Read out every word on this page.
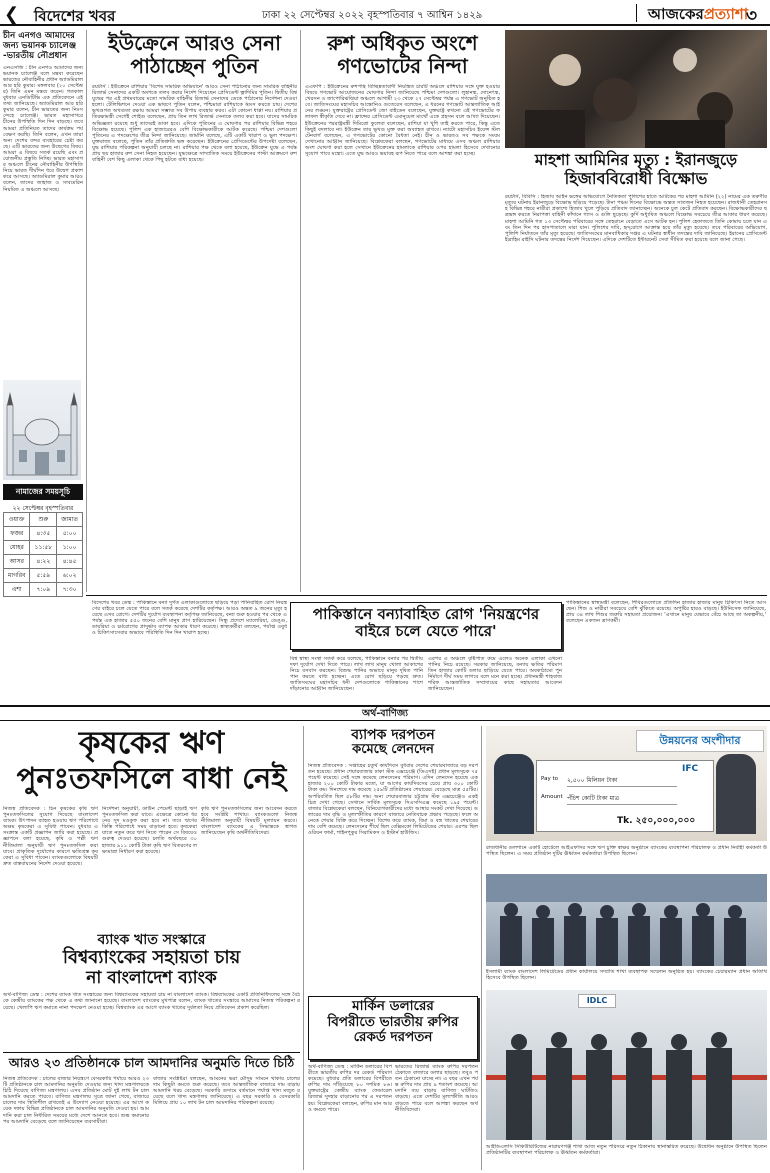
❮ বিদেশের খবর	ঢাকা ২২ সেপ্টেম্বর ২০২২ বৃহস্পতিবার ৭ আশ্বিন ১৪২৯	আজকেরপ্রত্যাশা
৩
চীন এনগও আমাদের জন্য ভয়ানক চ্যালেঞ্জ -ভারতীয় নৌপ্রধান
এনএসজি : চীন এনগও আমাদের জন্য ভয়ানক চ্যালেঞ্জ বলে মন্তব্য করেছেন ভারতের নৌবাহিনীর প্রধান অ্যাডমিরাল আর হরি কুমার। মঙ্গলবার (২০ সেপ্টেম্বর) তিনি এমন মন্তব্য করেন। গতকাল বুধবার এনডিটিভি এক প্রতিবেদনে এই তথ্য জানিয়েছে। অ্যাডমিরাল আর হরি কুমার বলেন, চীন ভারতের জন্য নিঃসন্দেহে চ্যালেঞ্জ। ভারত মহাসাগরে চীনের উপস্থিতি দিন দিন বাড়ছে। তবে আমরা প্রতিনিয়ত তাদের কার্যক্রম পর্যবেক্ষণ করছি। তিনি বলেন, এখন তারা অন্য দেশের বন্দর ব্যবহারের চেষ্টা করছে। এটি ভারতের জন্য উদ্বেগের বিষয়। আমরা এ বিষয়ে সতর্ক রয়েছি এবং প্রয়োজনীয় প্রস্তুতি নিচ্ছি। ভারত মহাসাগর অঞ্চলে চীনের নৌবাহিনীর উপস্থিতি নিয়ে ভারত দীর্ঘদিন ধরে উদ্বেগ প্রকাশ করে আসছে। অ্যাডমিরাল কুমার আরও বলেন, তাদের জাহাজ ও সাবমেরিন নিয়মিত এ অঞ্চলে আসছে।
নামাজের সময়সূচি
২২ সেপ্টেম্বর বৃহস্পতিবার
ওয়াক্ত	শুরু	জামাত
ফজর	৪:৩৫	৫:০০
যোহর	১১:৫৮	১:০০
আসর	৪:২২	৪:৪৫
মাগরিব	৫:৫৯	৬:০২
এশা	৭:০৯	৭:৩০
ইউক্রেনে আরও সেনা
পাঠাচ্ছেন পুতিন
রয়টার্স : ইউক্রেনে রাশিয়ার 'বিশেষ সামরিক অভিযানে' আরও সেনা পাঠানোর জন্য সামরিক বাহিনীর রিজার্ভ সেনাদের একটি অংশকে তলব করার নির্দেশ দিয়েছেন প্রেসিডেন্ট ভ্লাদিমির পুতিন। দ্বিতীয় বিশ্বযুদ্ধের পর এই প্রথমবারের মতো সামরিক বাহিনীর রিজার্ভ সেনাদের ডেকে পাঠানোর নির্দেশনা দেওয়া হলো। টেলিভিশনে দেওয়া এক ভাষণে পুতিন বলেন, পশ্চিমারা রাশিয়াকে ধ্বংস করতে চায়। দেশের ভূখণ্ডগত অখণ্ডতা রক্ষায় আমরা সম্ভাব্য সব উপায় ব্যবহার করব। এটা কোনো ধাপ্পা নয়। রাশিয়ার প্রতিরক্ষামন্ত্রী সের্গেই শোইগু বলেছেন, প্রায় তিন লাখ রিজার্ভ সেনাকে তলব করা হবে। যাদের সামরিক অভিজ্ঞতা রয়েছে শুধু তাদেরই ডাকা হবে। এদিকে পুতিনের এ ঘোষণার পর রাশিয়ার বিভিন্ন শহরে বিক্ষোভ হয়েছে। পুলিশ এক হাজারেরও বেশি বিক্ষোভকারীকে আটক করেছে। পশ্চিমা দেশগুলো পুতিনের এ পদক্ষেপের তীব্র নিন্দা জানিয়েছে। জার্মানি বলেছে, এটি একটি খারাপ ও ভুল পদক্ষেপ। যুক্তরাজ্য বলেছে, পুতিন তাঁর প্রতিশ্রুতি ভঙ্গ করেছেন। ইউক্রেনের প্রেসিডেন্টের উপদেষ্টা বলেছেন, যুদ্ধ রাশিয়ার পরিকল্পনা অনুযায়ী চলছে না। রাশিয়ার পক্ষ থেকে বলা হয়েছে, ইউক্রেন যুদ্ধে এ পর্যন্ত প্রায় ছয় হাজার রুশ সেনা নিহত হয়েছেন। যুদ্ধক্ষেত্রে সাম্প্রতিক সময়ে ইউক্রেনের পাল্টা আক্রমণে রুশ বাহিনী বেশ কিছু এলাকা থেকে পিছু হটতে বাধ্য হয়েছে।
রুশ অধিকৃত অংশে
গণভোটের নিন্দা
এএফপি : ইউক্রেনের রুশপন্থি বিচ্ছিন্নতাবাদী নিয়ন্ত্রিত চারটি অঞ্চলে রাশিয়ার সঙ্গে যুক্ত হওয়ার বিষয়ে গণভোট আয়োজনের ঘোষণার নিন্দা জানিয়েছে পশ্চিমা দেশগুলো। লুহানস্ক, দোনেৎস্ক, খেরসন ও জাপোরিঝঝিয়া অঞ্চলে আগামী ২৩ থেকে ২৭ সেপ্টেম্বর পর্যন্ত এ গণভোট অনুষ্ঠিত হবে। জাতিসংঘের মহাসচিব আন্তোনিও গুতেরেস বলেছেন, এ ধরনের গণভোট আন্তর্জাতিক আইনের লঙ্ঘন। যুক্তরাষ্ট্রের প্রেসিডেন্ট জো বাইডেন বলেছেন, যুক্তরাষ্ট্র কখনো এই গণভোটের ফলাফল স্বীকৃতি দেবে না। ফ্রান্সের প্রেসিডেন্ট এমানুয়েল মাখোঁ একে প্রহসন বলে আখ্যা দিয়েছেন। ইউক্রেনের পররাষ্ট্রমন্ত্রী দিমিত্রো কুলেবা বলেছেন, রাশিয়া যা খুশি তাই করতে পারে, কিন্তু এতে কিছুই বদলাবে না। ইউক্রেন তার ভূখণ্ড মুক্ত করা অব্যাহত রাখবে। ন্যাটো মহাসচিব ইয়েন্স স্টলটেনবার্গ বলেছেন, এ গণভোটের কোনো বৈধতা নেই। চীন ও ভারতও সব পক্ষকে সংযম দেখানোর আহ্বান জানিয়েছে। বিশ্লেষকেরা বলছেন, গণভোটের মাধ্যমে এসব অঞ্চল রাশিয়ার অংশ ঘোষণা করা হলে সেখানে ইউক্রেনের হামলাকে রাশিয়ার ওপর হামলা হিসেবে দেখানোর সুযোগ পাবে মস্কো। এতে যুদ্ধ আরও ভয়াবহ রূপ নিতে পারে বলে আশঙ্কা করা হচ্ছে।	মাহশা আমিনির মৃত্যু : ইরানজুড়ে
হিজাববিরোধী বিক্ষোভ
রয়টার্স, বিবিসি : হিজাব আইন ভঙ্গের অভিযোগে নৈতিকতা পুলিশের হাতে আটকের পর মাহশা আমিনি (২২) নামের এক তরুণীর মৃত্যুর ঘটনায় ইরানজুড়ে বিক্ষোভ ছড়িয়ে পড়েছে। টানা পঞ্চম দিনের বিক্ষোভে অন্তত সাতজন নিহত হয়েছেন। রাজধানী তেহরানসহ বিভিন্ন শহরে নারীরা প্রকাশ্যে হিজাব খুলে পুড়িয়ে প্রতিবাদ জানাচ্ছেন। অনেকে চুল কেটে প্রতিবাদ করছেন। বিক্ষোভকারীদের ছত্রভঙ্গ করতে নিরাপত্তা বাহিনী কাঁদানে গ্যাস ও গুলি ছুড়েছে। কুর্দি অধ্যুষিত অঞ্চলে বিক্ষোভ সবচেয়ে তীব্র আকার ধারণ করেছে। মাহশা আমিনি গত ১৩ সেপ্টেম্বর পরিবারের সঙ্গে তেহরানে বেড়াতে এসে আটক হন। পুলিশ হেফাজতে তিনি কোমায় চলে যান এবং তিন দিন পর হাসপাতালে মারা যান। পুলিশের দাবি, হৃদ্‌রোগে আক্রান্ত হয়ে তাঁর মৃত্যু হয়েছে। তবে পরিবারের অভিযোগ, পুলিশি নির্যাতনে তাঁর মৃত্যু হয়েছে। জাতিসংঘের মানবাধিকার দপ্তর এ ঘটনার স্বাধীন তদন্তের দাবি জানিয়েছে। ইরানের প্রেসিডেন্ট ইব্রাহিম রাইসি ঘটনার তদন্তের নির্দেশ দিয়েছেন। এদিকে দেশটিতে ইন্টারনেট সেবা সীমিত করা হয়েছে বলে জানা গেছে।
বিদেশের খবর ডেস্ক : পাকিস্তানে বন্যা দুর্গত এলাকাগুলোতে ছড়িয়ে পড়া পানিবাহিত রোগ নিয়ন্ত্রণের বাইরে চলে যেতে পারে বলে সতর্ক করেছে দেশটির কর্তৃপক্ষ। আরও অন্তত ৯ জনের মৃত্যু হয়েছে এসব রোগে। দেশটির দুর্যোগ ব্যবস্থাপনা কর্তৃপক্ষ জানিয়েছে, বন্যা শুরু হওয়ার পর থেকে এ পর্যন্ত এক হাজার ৫৫০ জনের বেশি মানুষ প্রাণ হারিয়েছেন। সিন্ধু প্রদেশে ম্যালেরিয়া, ডেঙ্গু, ডায়রিয়া ও চর্মরোগের প্রাদুর্ভাব ব্যাপক আকার ধারণ করেছে। স্বাস্থ্যকর্মীরা বলছেন, পর্যাপ্ত ওষুধ ও চিকিৎসাসেবার অভাবে পরিস্থিতি দিন দিন খারাপ হচ্ছে।
পাকিস্তানে বন্যাবাহিত রোগ 'নিয়ন্ত্রণের
বাইরে চলে যেতে পারে'
বিশ্ব স্বাস্থ্য সংস্থা সতর্ক করে বলেছে, পাকিস্তানে বন্যার পর দ্বিতীয় দফা দুর্যোগ দেখা দিতে পারে। লাখ লাখ মানুষ খোলা আকাশের নিচে বসবাস করছেন। বিশুদ্ধ পানির অভাবে মানুষ দূষিত পানি পান করতে বাধ্য হচ্ছেন। এতে রোগ ছড়িয়ে পড়ছে দ্রুত। জাতিসংঘের মহাসচিব ধনী দেশগুলোকে পাকিস্তানের পাশে দাঁড়ানোর আহ্বান জানিয়েছেন।
এরপর এ অঞ্চলে বৃষ্টিপাত কমে এলেও অনেক এলাকা এখনো পানির নিচে রয়েছে। সরকার জানিয়েছে, বন্যায় ক্ষতির পরিমাণ তিন হাজার কোটি ডলার ছাড়িয়ে যেতে পারে। অবকাঠামো পুনর্নির্মাণে দীর্ঘ সময় লাগবে বলে মনে করা হচ্ছে। প্রধানমন্ত্রী শাহবাজ শরিফ আন্তর্জাতিক সম্প্রদায়ের কাছে সহায়তার আবেদন জানিয়েছেন।
পাকিস্তানের স্বাস্থ্যমন্ত্রী বলেছেন, শিবিরগুলোতে প্রতিদিন হাজার হাজার মানুষ চিকিৎসা নিতে আসছেন। শিশু ও নারীরা সবচেয়ে বেশি ঝুঁকিতে রয়েছে। অপুষ্টির হারও বাড়ছে। ইউনিসেফ জানিয়েছে, প্রায় ৩৪ লাখ শিশুর জরুরি সহায়তা প্রয়োজন। 'এখানে মানুষ যেভাবে বেঁচে আছে তা অকল্পনীয়,' বলেছেন একজন ত্রাণকর্মী।
অর্থ-বাণিজ্য
কৃষকের ঋণ
পুনঃতফসিলে বাধা নেই
নিজস্ব প্রতিবেদক : চিন কৃষকের কৃষি ঋণ পুনঃতফসিলের সুযোগ দিয়েছে বাংলাদেশ ব্যাংক। উৎপাদন ব্যাহত হওয়ায় ঋণ পরিশোধে অক্ষম কৃষকেরা এ সুবিধা পাবেন। বুধবার এ সংক্রান্ত একটি প্রজ্ঞাপন জারি করা হয়েছে। প্রজ্ঞাপনে বলা হয়েছে, কৃষি ও পল্লী ঋণ নীতিমালা অনুযায়ী ঋণ পুনঃতফসিল করা যাবে। প্রাকৃতিক দুর্যোগের কারণে ক্ষতিগ্রস্ত কৃষকেরা এ সুবিধা পাবেন। ব্যাংকগুলোকে বিষয়টি দ্রুত বাস্তবায়নের নির্দেশ দেওয়া হয়েছে।
নির্দেশনা অনুযায়ী, ডাউন পেমেন্ট ছাড়াই ঋণ পুনঃতফসিল করা যাবে। এক্ষেত্রে কোনো ধরনের সুদ মওকুফ করা হবে না। তবে ঋণের কিস্তি পরিশোধে সময় বাড়ানো হবে। কৃষকেরা যাতে নতুন করে ঋণ নিতে পারেন সে বিষয়েও গুরুত্ব দেওয়া হয়েছে। চলতি অর্থবছরে ৩০ হাজার ৯১১ কোটি টাকা কৃষি ঋণ বিতরণের লক্ষ্যমাত্রা নির্ধারণ করা হয়েছে।
কৃষি ঋণ পুনঃতফসিলের জন্য আবেদন করতে হবে সংশ্লিষ্ট শাখায়। ব্যাংকগুলো নিজস্ব নীতিমালা অনুযায়ী বিষয়টি মূল্যায়ন করবে। বাংলাদেশ ব্যাংকের এ সিদ্ধান্তকে স্বাগত জানিয়েছেন কৃষি অর্থনীতিবিদেরা।
ব্যাংক খাত সংস্কারে
বিশ্বব্যাংকের সহায়তা চায়
না বাংলাদেশ ব্যাংক
অর্থ-বাণিজ্য ডেস্ক : দেশের ব্যাংক খাত সংস্কারের জন্য বিশ্বব্যাংকের সহায়তা চায় না বাংলাদেশ ব্যাংক। বিশ্বব্যাংকের একটি প্রতিনিধিদলের সঙ্গে বৈঠকে কেন্দ্রীয় ব্যাংকের পক্ষ থেকে এ কথা জানানো হয়েছে। বাংলাদেশ ব্যাংকের মুখপাত্র বলেন, ব্যাংক খাতের সংস্কারে আমাদের নিজস্ব পরিকল্পনা রয়েছে। খেলাপি ঋণ কমাতে নানা পদক্ষেপ নেওয়া হচ্ছে। বিশ্বব্যাংক এর আগে ব্যাংক খাতের দুর্বলতা নিয়ে প্রতিবেদন প্রকাশ করেছিল।
আরও ২৩ প্রতিষ্ঠানকে চাল আমদানির অনুমতি দিতে চিঠি
নিজস্ব প্রতিবেদক : চালের বাজার নিয়ন্ত্রণে বেসরকারি পর্যায়ে আরও ২৩টি প্রতিষ্ঠানকে চাল আমদানির অনুমতি দেওয়ার জন্য খাদ্য মন্ত্রণালয়কে চিঠি দিয়েছে বাণিজ্য মন্ত্রণালয়। এসব প্রতিষ্ঠান মোট দুই লাখ টন চাল আমদানি করতে পারবে। বাণিজ্য মন্ত্রণালয় সূত্রে জানা গেছে, বাজারে চালের দাম স্থিতিশীল রাখতেই এ উদ্যোগ নেওয়া হয়েছে। এর আগে কয়েক দফায় বিভিন্ন প্রতিষ্ঠানকে চাল আমদানির অনুমতি দেওয়া হয়। আমদানি করা চাল নির্ধারিত সময়ের মধ্যে দেশে আনতে হবে। শুল্ক কমানোর পর আমদানি বেড়েছে বলে জানিয়েছেন ব্যবসায়ীরা।
বাজার সংশ্লিষ্টরা বলছেন, আমনের ভরা মৌসুম সামনে থাকায় চালের দাম কিছুটা কমতে শুরু করেছে। তবে আন্তর্জাতিক বাজারে দাম বাড়ায় আমদানি খরচ বেড়েছে। সরকারি গুদামে বর্তমানে পর্যাপ্ত খাদ্য মজুত রয়েছে বলে খাদ্য মন্ত্রণালয় জানিয়েছে। এ বছর সরকারি ও বেসরকারি মিলিয়ে প্রায় ১০ লাখ টন চাল আমদানির পরিকল্পনা রয়েছে।
ব্যাপক দরপতন
কমেছে লেনদেন
নিজস্ব প্রতিবেদক : সপ্তাহের চতুর্থ কার্যদিবস বুধবার দেশের শেয়ারবাজারে বড় দরপতন হয়েছে। প্রধান শেয়ারবাজার ঢাকা স্টক এক্সচেঞ্জে (ডিএসই) প্রধান মূল্যসূচক ৭৫ পয়েন্ট কমেছে। সেই সঙ্গে কমেছে লেনদেনের পরিমাণ। এদিন লেনদেন হয়েছে এক হাজার ২০০ কোটি টাকার মতো, যা আগের কার্যদিবসের চেয়ে প্রায় ৩০০ কোটি টাকা কম। দিনশেষে দাম কমেছে ২৫৯টি প্রতিষ্ঠানের শেয়ারের। বেড়েছে মাত্র ৫৫টির। অপরিবর্তিত ছিল ৫৮টির দাম। অন্য শেয়ারবাজার চট্টগ্রাম স্টক এক্সচেঞ্জেও একই চিত্র দেখা গেছে। সেখানে সার্বিক মূল্যসূচক সিএসসিএক্স কমেছে ১৯৫ পয়েন্ট। বাজার বিশ্লেষকেরা বলছেন, বিনিয়োগকারীদের মধ্যে আস্থার সংকট দেখা দিয়েছে। ডলারের দাম বৃদ্ধি ও মূল্যস্ফীতির কারণে বাজারে নেতিবাচক প্রভাব পড়েছে। ফলে অনেকে শেয়ার বিক্রি করে দিচ্ছেন। বিশেষ করে ব্যাংক, বিমা ও বস্ত্র খাতের শেয়ারের দাম বেশি কমেছে। লেনদেনের শীর্ষে ছিল বেক্সিমকো লিমিটেডের শেয়ার। এরপর ছিল ওরিয়ন ফার্মা, শাইনপুকুর সিরামিকস ও ইস্টার্ন হাউজিং।
মার্কিন ডলারের
বিপরীতে ভারতীয় রুপির
রেকর্ড দরপতন
অর্থ-বাণিজ্য ডেস্ক : মার্কিন ডলারের বিপরীতে ভারতীয় রুপির দর রেকর্ড পরিমাণ কমেছে। বুধবার প্রতি ডলারের বিপরীতে রুপির দাম দাঁড়িয়েছে ৮০ দশমিক ৮৬। যুক্তরাষ্ট্রের কেন্দ্রীয় ব্যাংক ফেডারেল রিজার্ভ সুদহার বাড়ানোর পর এ দরপতন হয়। বিশ্লেষকেরা বলছেন, রুপির মান আরও কমতে পারে।
ভারতের রিজার্ভ ব্যাংক রুপির দরপতন ঠেকাতে বাজারে ডলার ছাড়ছে। তবুও পতন ঠেকানো যাচ্ছে না। এ বছর এখন পর্যন্ত রুপির দাম প্রায় ৯ শতাংশ কমেছে। আমদানি ব্যয় বাড়ায় বাণিজ্য ঘাটতিও বাড়ছে। এতে দেশটির মূল্যস্ফীতি আরও বাড়তে পারে বলে আশঙ্কা করছেন অর্থনীতিবিদেরা।
উন্নয়নের অংশীদার
IFC
Pay to ২,৫০০ মিলিয়ন টাকা
Amount পঁচিশ কোটি টাকা মাত্র
Tk. ২৫০,০০০,০০০
রাজধানীর গুলশানে একটি হোটেলে আইএফসির সঙ্গে ঋণ চুক্তি স্বাক্ষর অনুষ্ঠানে ব্যাংকের ব্যবস্থাপনা পরিচালক ও প্রধান নির্বাহী কর্মকর্তা উপস্থিত ছিলেন। এ সময় প্রতিষ্ঠান দুটির ঊর্ধ্বতন কর্মকর্তারা উপস্থিত ছিলেন।
ইসলামী ব্যাংক বাংলাদেশ লিমিটেডের প্রধান কার্যালয়ে সম্প্রতি শাখা ব্যবস্থাপক সম্মেলন অনুষ্ঠিত হয়। ব্যাংকের চেয়ারম্যান প্রধান অতিথি হিসেবে উপস্থিত ছিলেন।
IDLC
আইডিএলসি সিকিউরিটিজের নারায়ণগঞ্জ শাখা আজ নতুন পরিসরে নতুন ঠিকানায় স্থানান্তরিত করেছে। উদ্বোধন অনুষ্ঠানে উপস্থিত ছিলেন প্রতিষ্ঠানটির ব্যবস্থাপনা পরিচালক ও ঊর্ধ্বতন কর্মকর্তারা।
